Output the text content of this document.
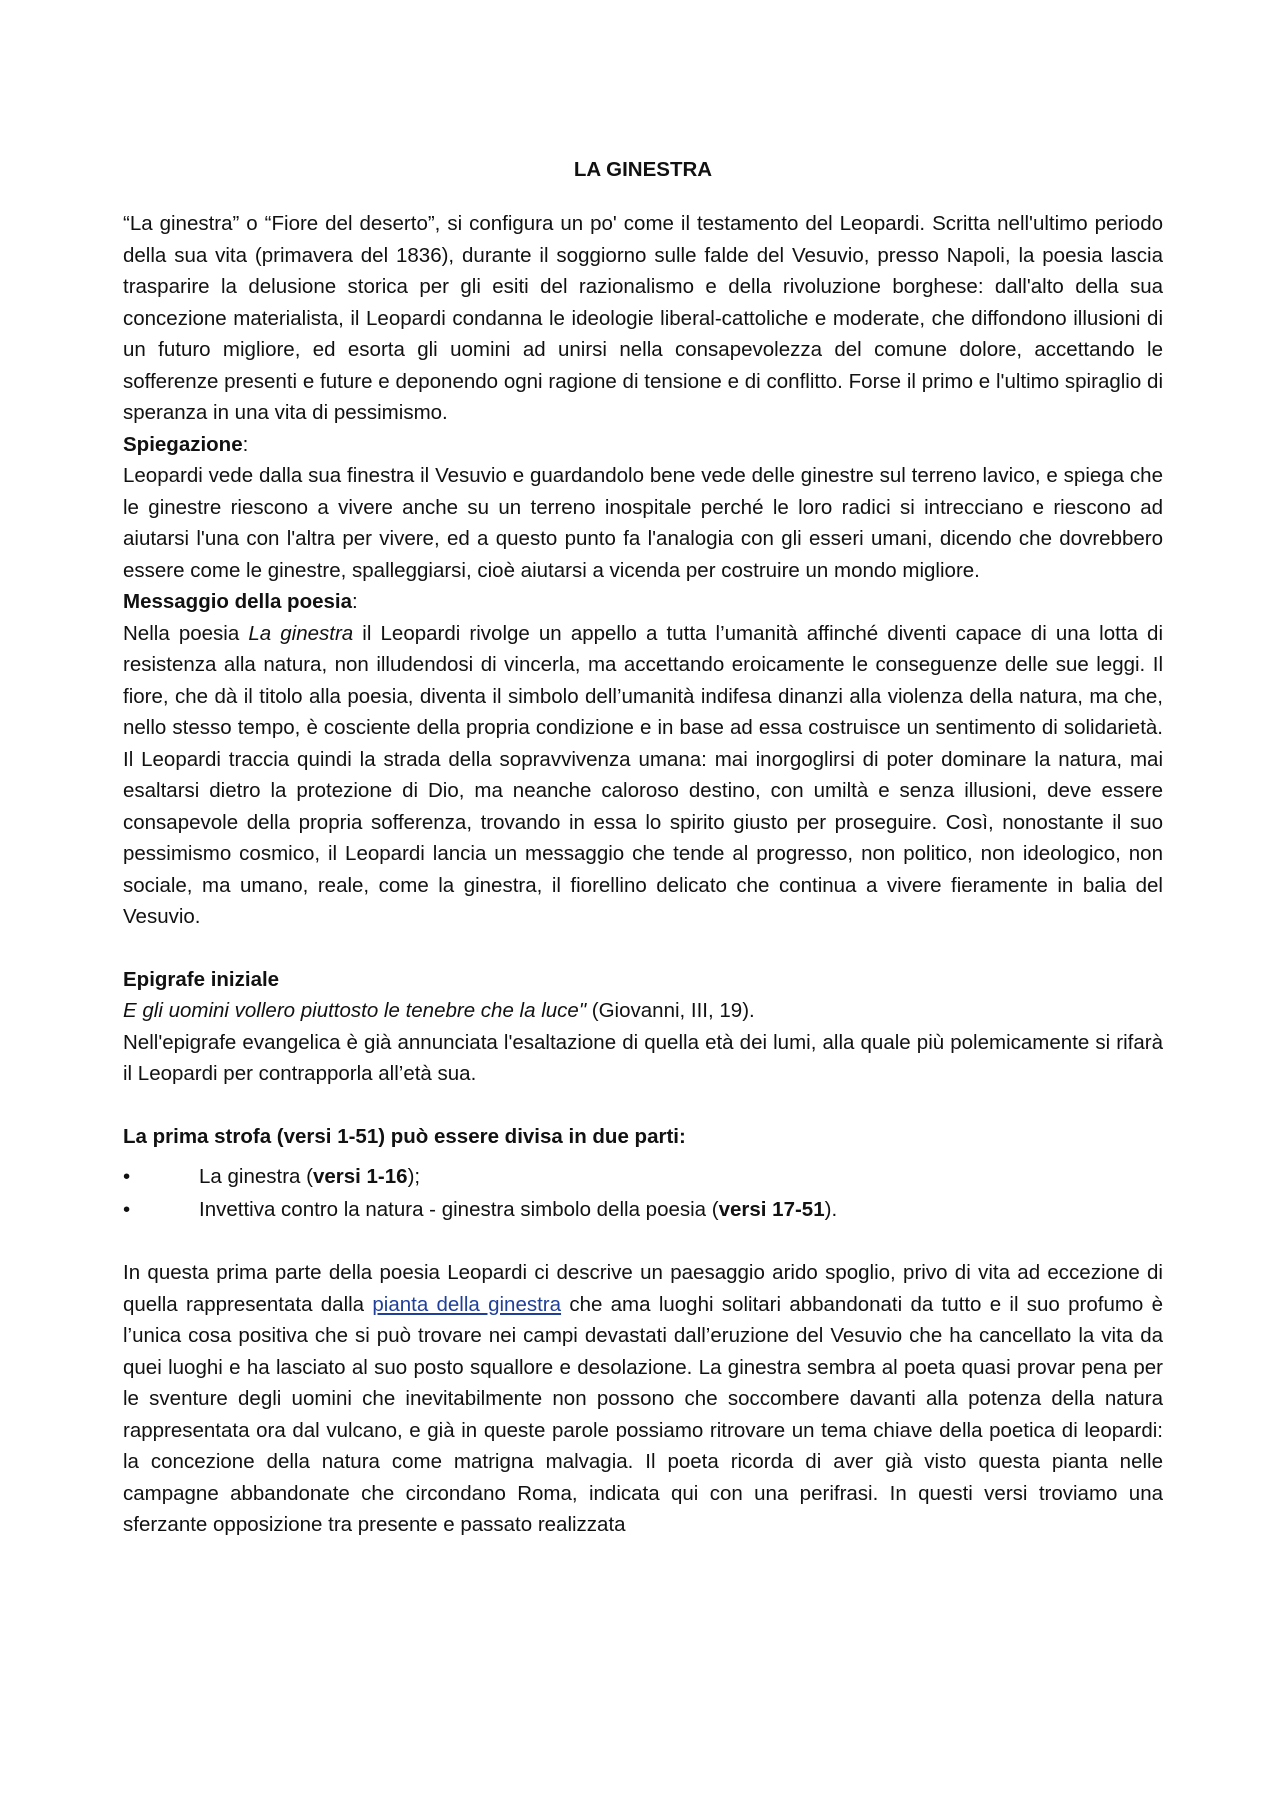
LA GINESTRA

“La ginestra” o “Fiore del deserto”, si configura un po' come il testamento del Leopardi. Scritta nell'ultimo periodo della sua vita (primavera del 1836), durante il soggiorno sulle falde del Vesuvio, presso Napoli, la poesia lascia trasparire la delusione storica per gli esiti del razionalismo e della rivoluzione borghese: dall'alto della sua concezione materialista, il Leopardi condanna le ideologie liberal-cattoliche e moderate, che diffondono illusioni di un futuro migliore, ed esorta gli uomini ad unirsi nella consapevolezza del comune dolore, accettando le sofferenze presenti e future e deponendo ogni ragione di tensione e di conflitto. Forse il primo e l'ultimo spiraglio di speranza in una vita di pessimismo.

Spiegazione:

Leopardi vede dalla sua finestra il Vesuvio e guardandolo bene vede delle ginestre sul terreno lavico, e spiega che le ginestre riescono a vivere anche su un terreno inospitale perché le loro radici si intrecciano e riescono ad aiutarsi l'una con l'altra per vivere, ed a questo punto fa l'analogia con gli esseri umani, dicendo che dovrebbero essere come le ginestre, spalleggiarsi, cioè aiutarsi a vicenda per costruire un mondo migliore.

Messaggio della poesia:

Nella poesia La ginestra il Leopardi rivolge un appello a tutta l’umanità affinché diventi capace di una lotta di resistenza alla natura, non illudendosi di vincerla, ma accettando eroicamente le conseguenze delle sue leggi. Il fiore, che dà il titolo alla poesia, diventa il simbolo dell’umanità indifesa dinanzi alla violenza della natura, ma che, nello stesso tempo, è cosciente della propria condizione e in base ad essa costruisce un sentimento di solidarietà. Il Leopardi traccia quindi la strada della sopravvivenza umana: mai inorgoglirsi di poter dominare la natura, mai esaltarsi dietro la protezione di Dio, ma neanche caloroso destino, con umiltà e senza illusioni, deve essere consapevole della propria sofferenza, trovando in essa lo spirito giusto per proseguire. Così, nonostante il suo pessimismo cosmico, il Leopardi lancia un messaggio che tende al progresso, non politico, non ideologico, non sociale, ma umano, reale, come la ginestra, il fiorellino delicato che continua a vivere fieramente in balia del Vesuvio.

Epigrafe iniziale

E gli uomini vollero piuttosto le tenebre che la luce" (Giovanni, III, 19).

Nell'epigrafe evangelica è già annunciata l'esaltazione di quella età dei lumi, alla quale più polemicamente si rifarà il Leopardi per contrapporla all’età sua.

La prima strofa (versi 1-51) può essere divisa in due parti:
•	La ginestra (versi 1-16);
•	Invettiva contro la natura - ginestra simbolo della poesia (versi 17-51).

In questa prima parte della poesia Leopardi ci descrive un paesaggio arido spoglio, privo di vita ad eccezione di quella rappresentata dalla pianta della ginestra che ama luoghi solitari abbandonati da tutto e il suo profumo è l’unica cosa positiva che si può trovare nei campi devastati dall’eruzione del Vesuvio che ha cancellato la vita da quei luoghi e ha lasciato al suo posto squallore e desolazione. La ginestra sembra al poeta quasi provar pena per le sventure degli uomini che inevitabilmente non possono che soccombere davanti alla potenza della natura rappresentata ora dal vulcano, e già in queste parole possiamo ritrovare un tema chiave della poetica di leopardi: la concezione della natura come matrigna malvagia. Il poeta ricorda di aver già visto questa pianta nelle campagne abbandonate che circondano Roma, indicata qui con una perifrasi. In questi versi troviamo una sferzante opposizione tra presente e passato realizzata
